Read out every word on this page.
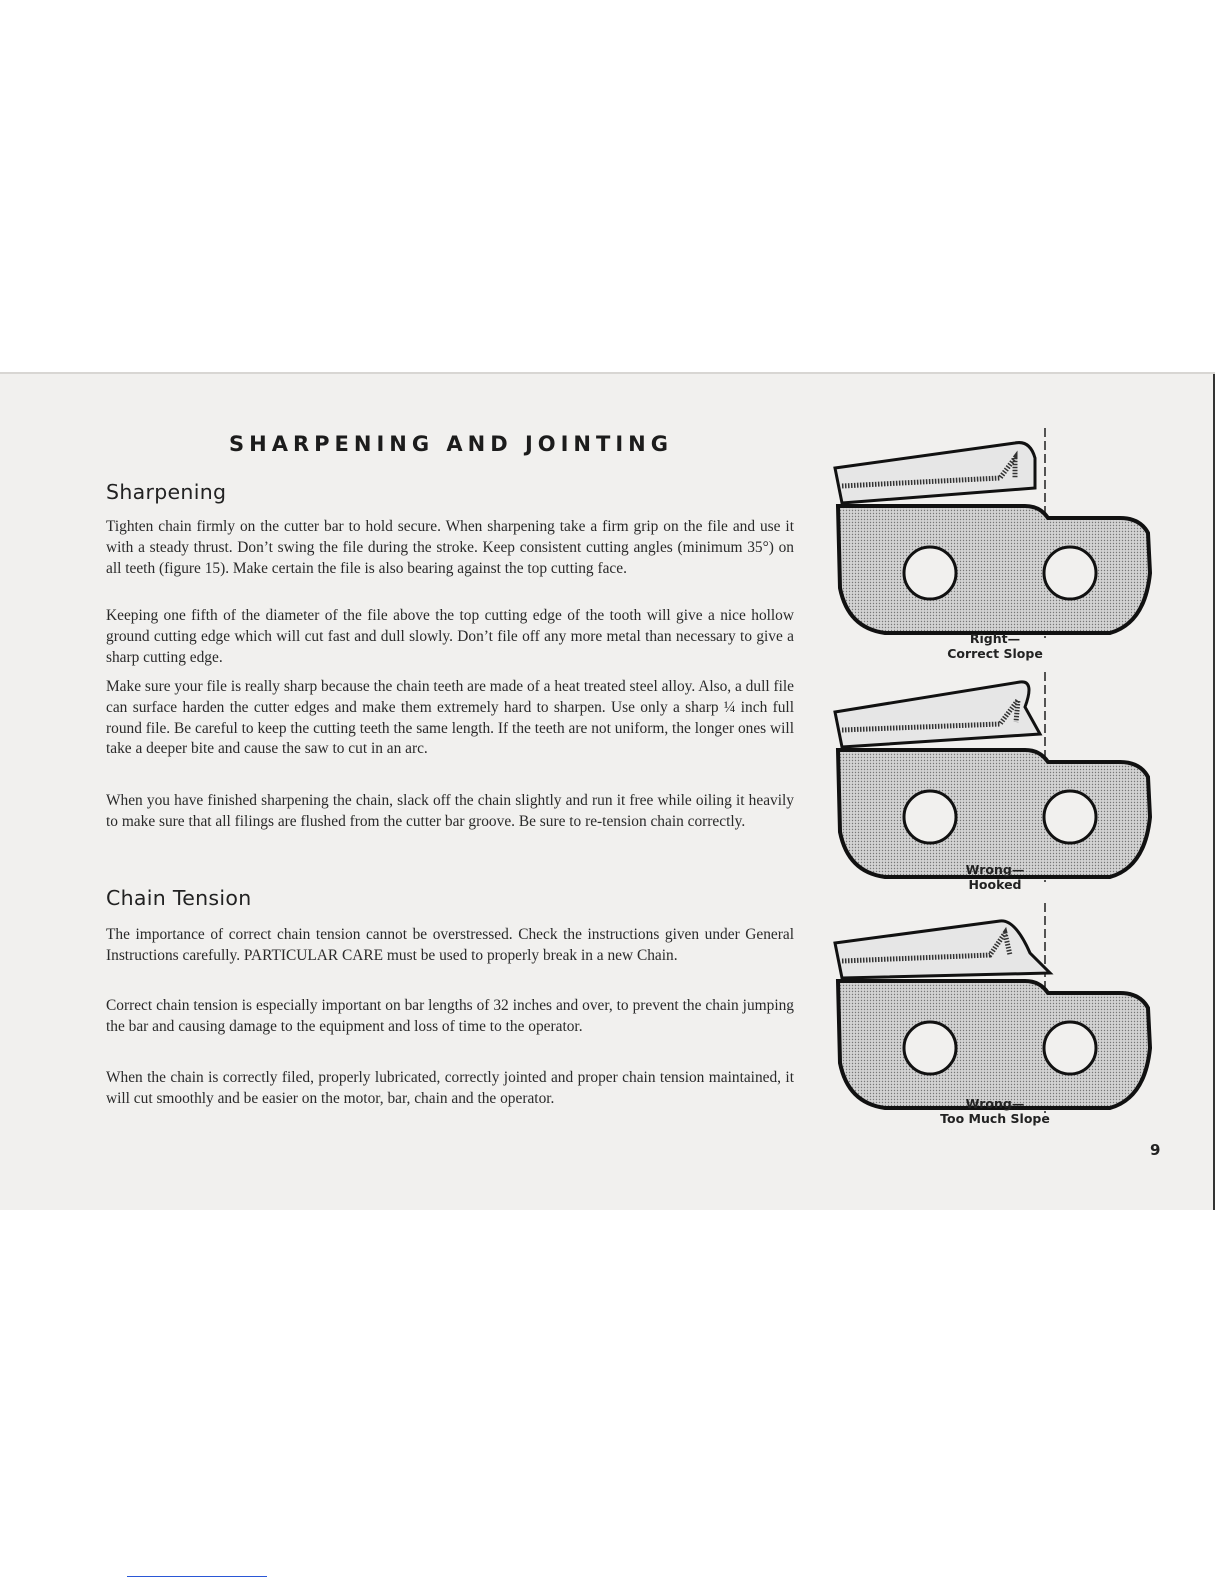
SHARPENING AND JOINTING
Sharpening

Tighten chain firmly on the cutter bar to hold secure. When sharpening take a firm grip on the file and use it with a steady thrust. Don’t swing the file during the stroke. Keep consistent cutting angles (minimum 35°) on all teeth (figure 15). Make certain the file is also bearing against the top cutting face.

Keeping one fifth of the diameter of the file above the top cutting edge of the tooth will give a nice hollow ground cutting edge which will cut fast and dull slowly. Don’t file off any more metal than necessary to give a sharp cutting edge.

Make sure your file is really sharp because the chain teeth are made of a heat treated steel alloy. Also, a dull file can surface harden the cutter edges and make them extremely hard to sharpen. Use only a sharp ¼ inch full round file. Be careful to keep the cutting teeth the same length. If the teeth are not uniform, the longer ones will take a deeper bite and cause the saw to cut in an arc.

When you have finished sharpening the chain, slack off the chain slightly and run it free while oiling it heavily to make sure that all filings are flushed from the cutter bar groove. Be sure to re-tension chain correctly.

Chain Tension

The importance of correct chain tension cannot be overstressed. Check the instructions given under General Instructions carefully. PARTICULAR CARE must be used to properly break in a new Chain.

Correct chain tension is especially important on bar lengths of 32 inches and over, to prevent the chain jumping the bar and causing damage to the equipment and loss of time to the operator.

When the chain is correctly filed, properly lubricated, correctly jointed and proper chain tension maintained, it will cut smoothly and be easier on the motor, bar, chain and the operator.

Right—
Correct Slope
Wrong—
Hooked
Wrong—
Too Much Slope
9
